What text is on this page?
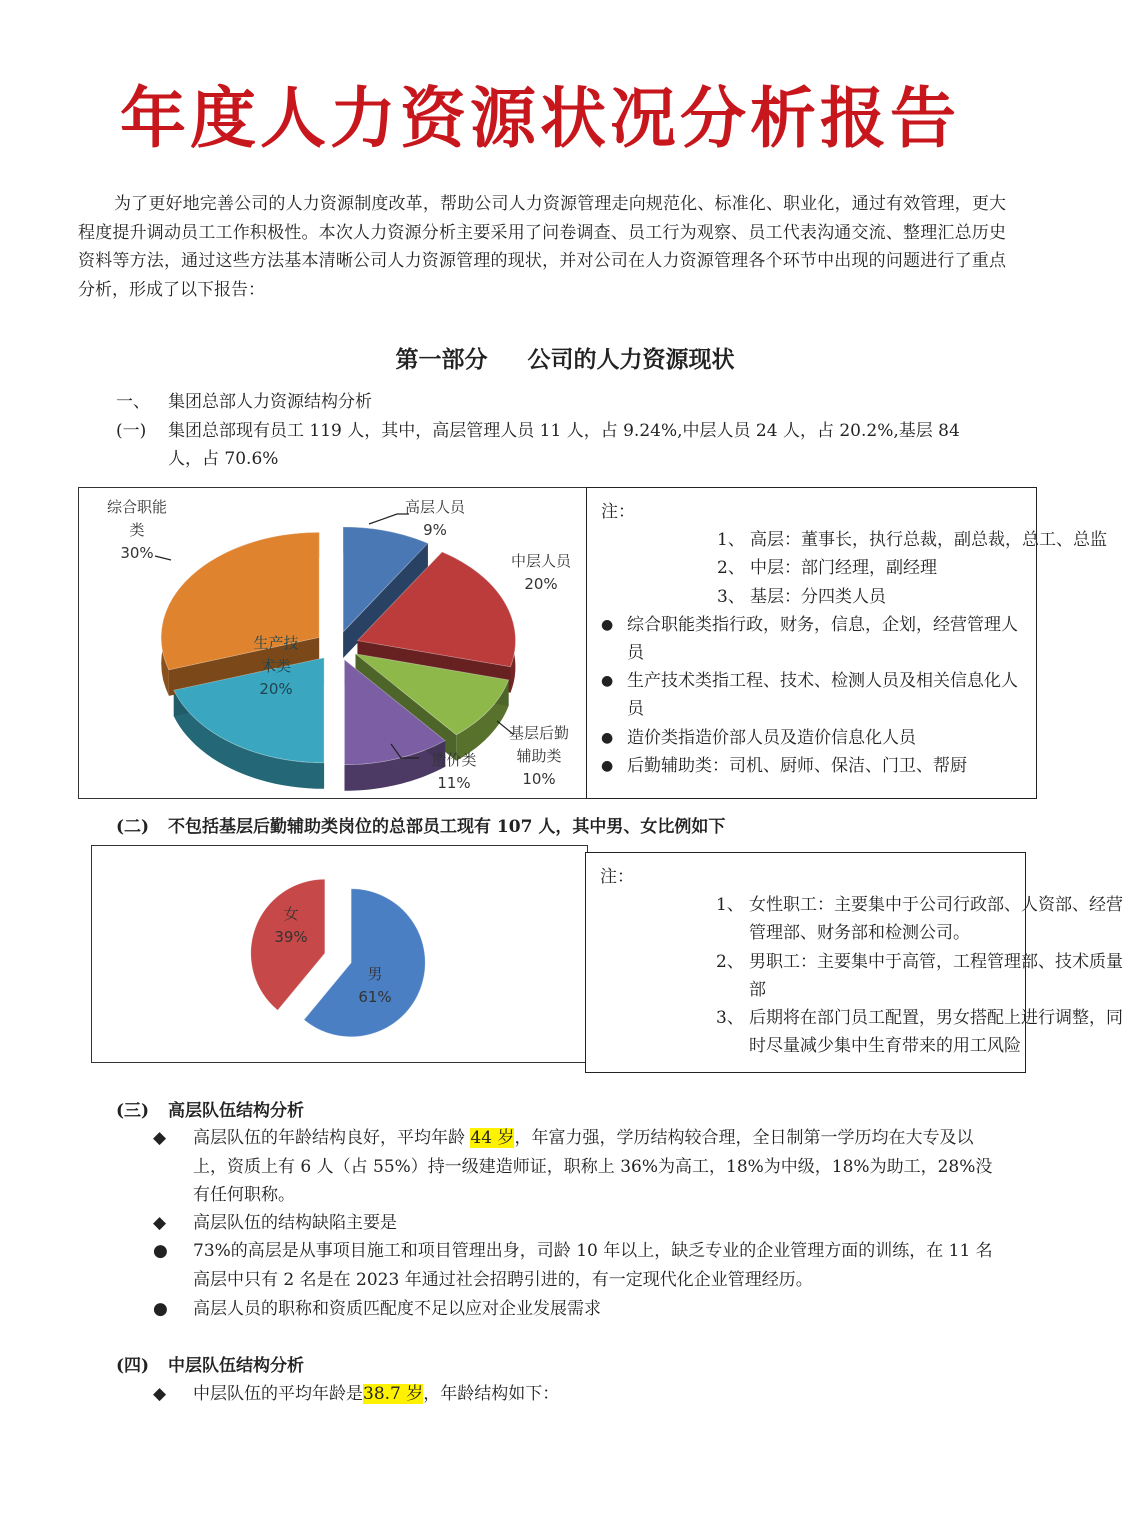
年度人力资源状况分析报告

为了更好地完善公司的人力资源制度改革，帮助公司人力资源管理走向规范化、标准化、职业化，通过有效管理，更大程度提升调动员工工作积极性。本次人力资源分析主要采用了问卷调查、员工行为观察、员工代表沟通交流、整理汇总历史资料等方法，通过这些方法基本清晰公司人力资源管理的现状，并对公司在人力资源管理各个环节中出现的问题进行了重点分析，形成了以下报告：

第一部分 公司的人力资源现状
一、 集团总部人力资源结构分析
(一) 集团总部现有员工 119 人，其中，高层管理人员 11 人，占 9.24%,中层人员 24 人，占 20.2%,基层 84
人，占 70.6%
高层人员
9%
中层人员
20%
基层后勤
辅助类
10%
造价类
11%
生产技
术类
20%
综合职能
类
30%
注：
1、 高层：董事长，执行总裁，副总裁，总工、总监
2、 中层：部门经理，副经理
3、 基层：分四类人员
● 综合职能类指行政，财务，信息，企划，经营管理人员
● 生产技术类指工程、技术、检测人员及相关信息化人员
● 造价类指造价部人员及造价信息化人员
● 后勤辅助类：司机、厨师、保洁、门卫、帮厨
(二) 不包括基层后勤辅助类岗位的总部员工现有 107 人，其中男、女比例如下
男
61%
女
39%
注：
1、 女性职工：主要集中于公司行政部、人资部、经营管理部、财务部和检测公司。
2、 男职工：主要集中于高管，工程管理部、技术质量部
3、 后期将在部门员工配置，男女搭配上进行调整，同时尽量减少集中生育带来的用工风险
(三) 高层队伍结构分析
◆ 高层队伍的年龄结构良好，平均年龄 44 岁，年富力强，学历结构较合理，全日制第一学历均在大专及以上，资质上有 6 人（占 55%）持一级建造师证，职称上 36%为高工，18%为中级，18%为助工，28%没有任何职称。
◆ 高层队伍的结构缺陷主要是
● 73%的高层是从事项目施工和项目管理出身，司龄 10 年以上，缺乏专业的企业管理方面的训练，在 11 名高层中只有 2 名是在 2023 年通过社会招聘引进的，有一定现代化企业管理经历。
● 高层人员的职称和资质匹配度不足以应对企业发展需求
(四) 中层队伍结构分析
◆ 中层队伍的平均年龄是38.7 岁，年龄结构如下：
